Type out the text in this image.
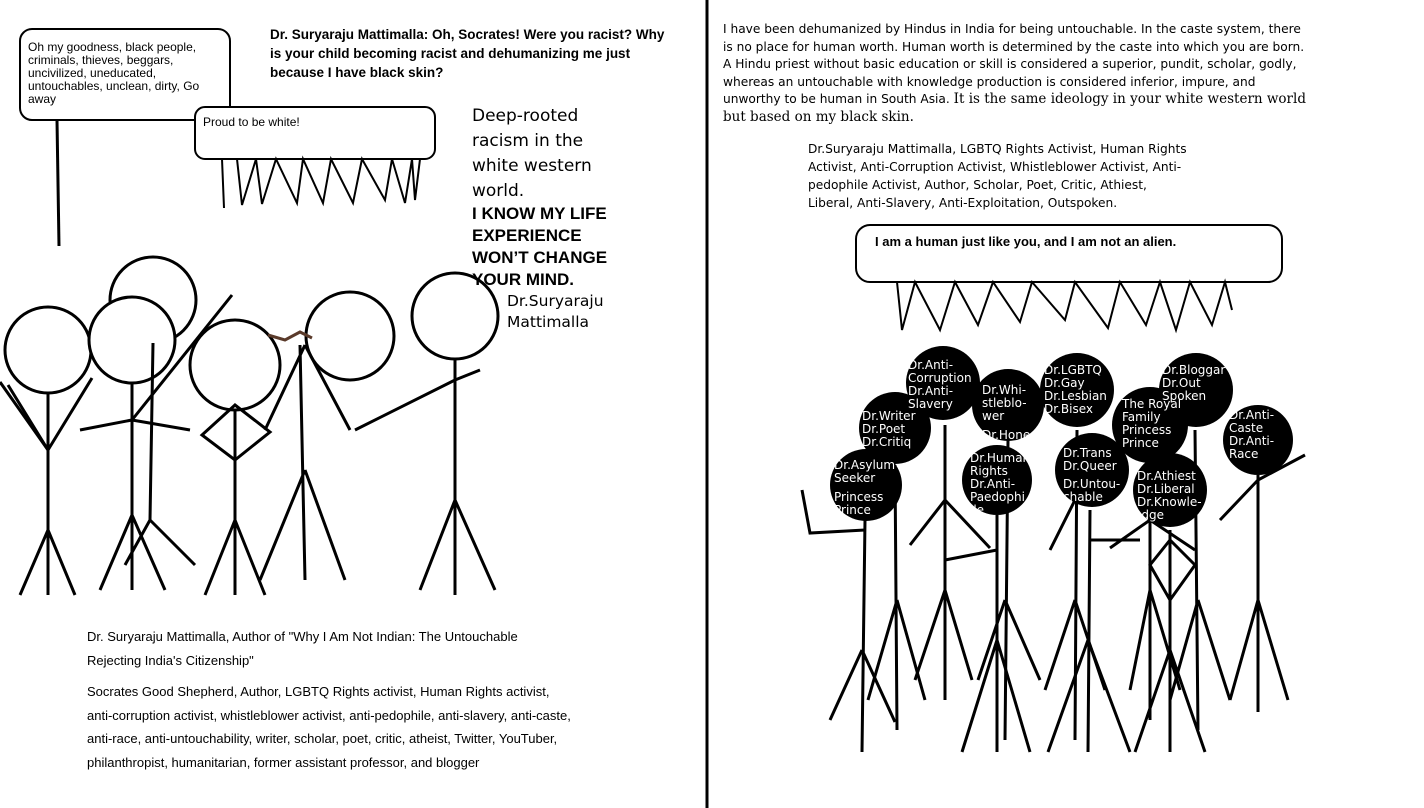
Oh my goodness, black people, criminals, thieves, beggars, uncivilized, uneducated, untouchables, unclean, dirty, Go away
Proud to be white!
Dr. Suryaraju Mattimalla: Oh, Socrates! Were you racist? Why is your child becoming racist and dehumanizing me just because I have black skin?
Deep-rooted racism in the white western world.
I KNOW MY LIFE EXPERIENCE WON’T CHANGE YOUR MIND.
Dr.Suryaraju Mattimalla
Dr. Suryaraju Mattimalla, Author of "Why I Am Not Indian: The Untouchable Rejecting India's Citizenship"
Socrates Good Shepherd, Author, LGBTQ Rights activist, Human Rights activist, anti-corruption activist, whistleblower activist, anti-pedophile, anti-slavery, anti-caste, anti-race, anti-untouchability, writer, scholar, poet, critic, atheist, Twitter, YouTuber, philanthropist, humanitarian, former assistant professor, and blogger
I have been dehumanized by Hindus in India for being untouchable. In the caste system, there is no place for human worth. Human worth is determined by the caste into which you are born. A Hindu priest without basic education or skill is considered a superior, pundit, scholar, godly, whereas an untouchable with knowledge production is considered inferior, impure, and unworthy to be human in South Asia. It is the same ideology in your white western world but based on my black skin.
Dr.Suryaraju Mattimalla, LGBTQ Rights Activist, Human Rights Activist, Anti-Corruption Activist, Whistleblower Activist, Anti-pedophile Activist, Author, Scholar, Poet, Critic, Athiest, Liberal, Anti-Slavery, Anti-Exploitation, Outspoken.
I am a human just like you, and I am not an alien.
Dr.Asylum
Seeker
Princess
Prince
Dr.Writer
Dr.Poet
Dr.Critiq
Dr.Anti-
Corruption
Dr.Anti-
Slavery
Dr.Whi-
stleblo-
wer
Dr.Honest
Dr.Human
Rights
Dr.Anti-
Paedophi
lle
Dr.LGBTQ
Dr.Gay
Dr.Lesbian
Dr.Bisex
Dr.Trans
Dr.Queer
Dr.Untou-
chable
The Royal
Family
Princess
Prince
Dr.Bloggar
Dr.Out
Spoken
Dr.Athiest
Dr.Liberal
Dr.Knowle-
-dge
Dr.Anti-
Caste
Dr.Anti-
Race
